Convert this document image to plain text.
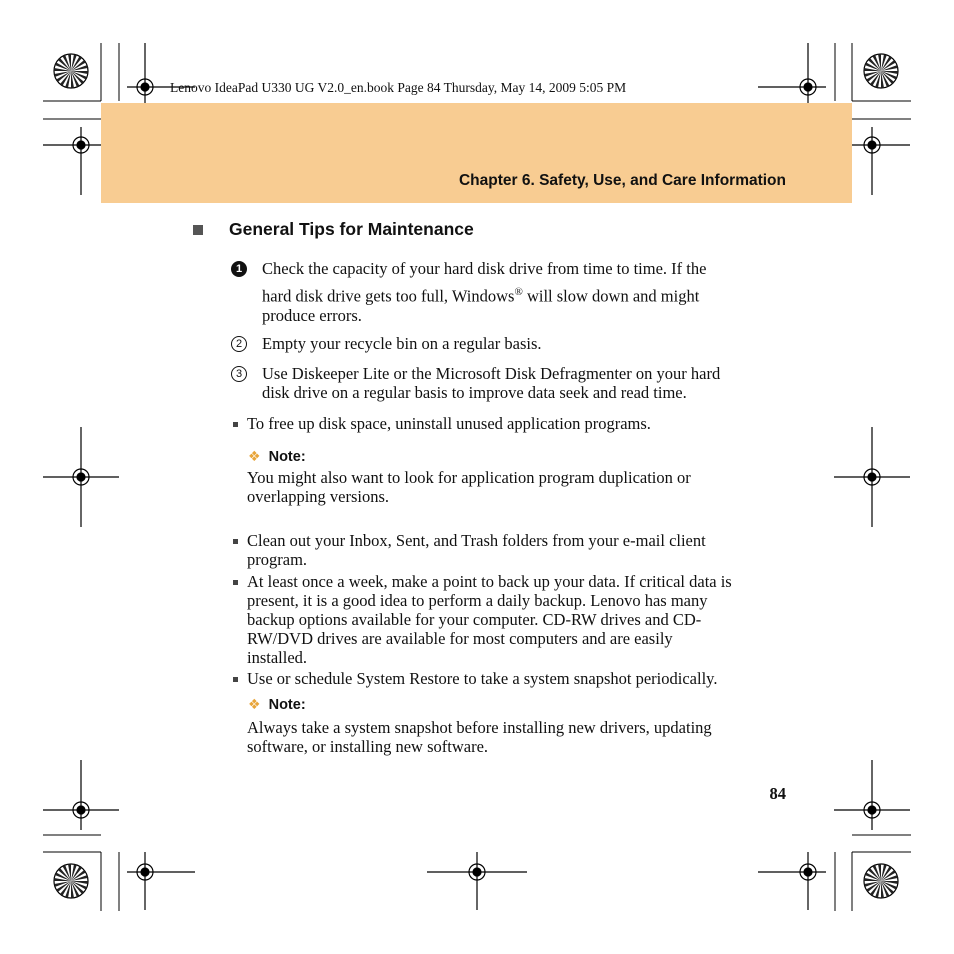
Lenovo IdeaPad U330 UG V2.0_en.book Page 84 Thursday, May 14, 2009 5:05 PM
Chapter 6. Safety, Use, and Care Information
General Tips for Maintenance
1 Check the capacity of your hard disk drive from time to time. If the
hard disk drive gets too full, Windows® will slow down and might
produce errors.
2 Empty your recycle bin on a regular basis.
3 Use Diskeeper Lite or the Microsoft Disk Defragmenter on your hard
disk drive on a regular basis to improve data seek and read time.
To free up disk space, uninstall unused application programs.
❖ Note:
You might also want to look for application program duplication or
overlapping versions.
Clean out your Inbox, Sent, and Trash folders from your e-mail client
program.
At least once a week, make a point to back up your data. If critical data is
present, it is a good idea to perform a daily backup. Lenovo has many
backup options available for your computer. CD-RW drives and CD-
RW/DVD drives are available for most computers and are easily
installed.
Use or schedule System Restore to take a system snapshot periodically.
❖ Note:
Always take a system snapshot before installing new drivers, updating
software, or installing new software.
84
